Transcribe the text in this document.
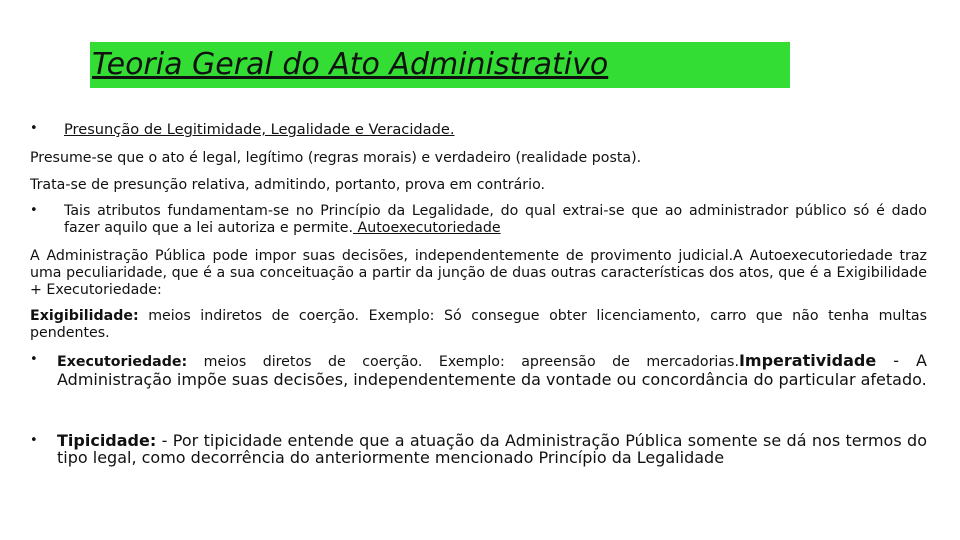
Teoria Geral do Ato Administrativo
• Presunção de Legitimidade, Legalidade e Veracidade.
Presume-se que o ato é legal, legítimo (regras morais) e verdadeiro (realidade posta).
Trata-se de presunção relativa, admitindo, portanto, prova em contrário.
• Tais atributos fundamentam-se no Princípio da Legalidade, do qual extrai-se que ao administrador público só é dado fazer aquilo que a lei autoriza e permite. Autoexecutoriedade
A Administração Pública pode impor suas decisões, independentemente de provimento judicial.A Autoexecutoriedade traz uma peculiaridade, que é a sua conceituação a partir da junção de duas outras características dos atos, que é a Exigibilidade + Executoriedade:
Exigibilidade: meios indiretos de coerção. Exemplo: Só consegue obter licenciamento, carro que não tenha multas pendentes.
• Executoriedade: meios diretos de coerção. Exemplo: apreensão de mercadorias.Imperatividade - A Administração impõe suas decisões, independentemente da vontade ou concordância do particular afetado.
• Tipicidade: - Por tipicidade entende que a atuação da Administração Pública somente se dá nos termos do tipo legal, como decorrência do anteriormente mencionado Princípio da Legalidade
